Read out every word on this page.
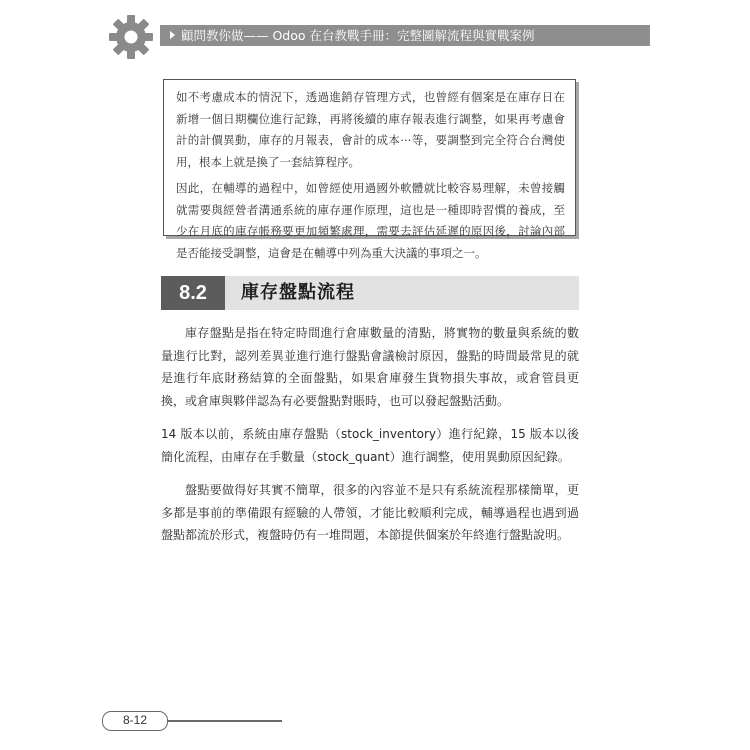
顧問教你做—— Odoo 在台教戰手冊：完整圖解流程與實戰案例

如不考慮成本的情況下，透過進銷存管理方式，也曾經有個案是在庫存日在新增一個日期欄位進行記錄，再將後續的庫存報表進行調整，如果再考慮會計的計價異動，庫存的月報表，會計的成本⋯等，要調整到完全符合台灣使用，根本上就是換了一套結算程序。

因此，在輔導的過程中，如曾經使用過國外軟體就比較容易理解，未曾接觸就需要與經營者溝通系統的庫存運作原理，這也是一種即時習慣的養成，至少在月底的庫存帳務要更加頻繁處理，需要去評估延遲的原因後，討論內部是否能接受調整，這會是在輔導中列為重大決議的事項之一。

8.2	庫存盤點流程

庫存盤點是指在特定時間進行倉庫數量的清點，將實物的數量與系統的數量進行比對，認列差異並進行進行盤點會議檢討原因，盤點的時間最常見的就是進行年底財務結算的全面盤點，如果倉庫發生貨物損失事故，或倉管員更換，或倉庫與夥伴認為有必要盤點對賬時，也可以發起盤點活動。

14 版本以前，系統由庫存盤點（stock_inventory）進行紀錄，15 版本以後簡化流程，由庫存在手數量（stock_quant）進行調整，使用異動原因紀錄。

盤點要做得好其實不簡單，很多的內容並不是只有系統流程那樣簡單，更多都是事前的準備跟有經驗的人帶領，才能比較順利完成，輔導過程也遇到過盤點都流於形式，複盤時仍有一堆問題，本節提供個案於年終進行盤點說明。

8-12
